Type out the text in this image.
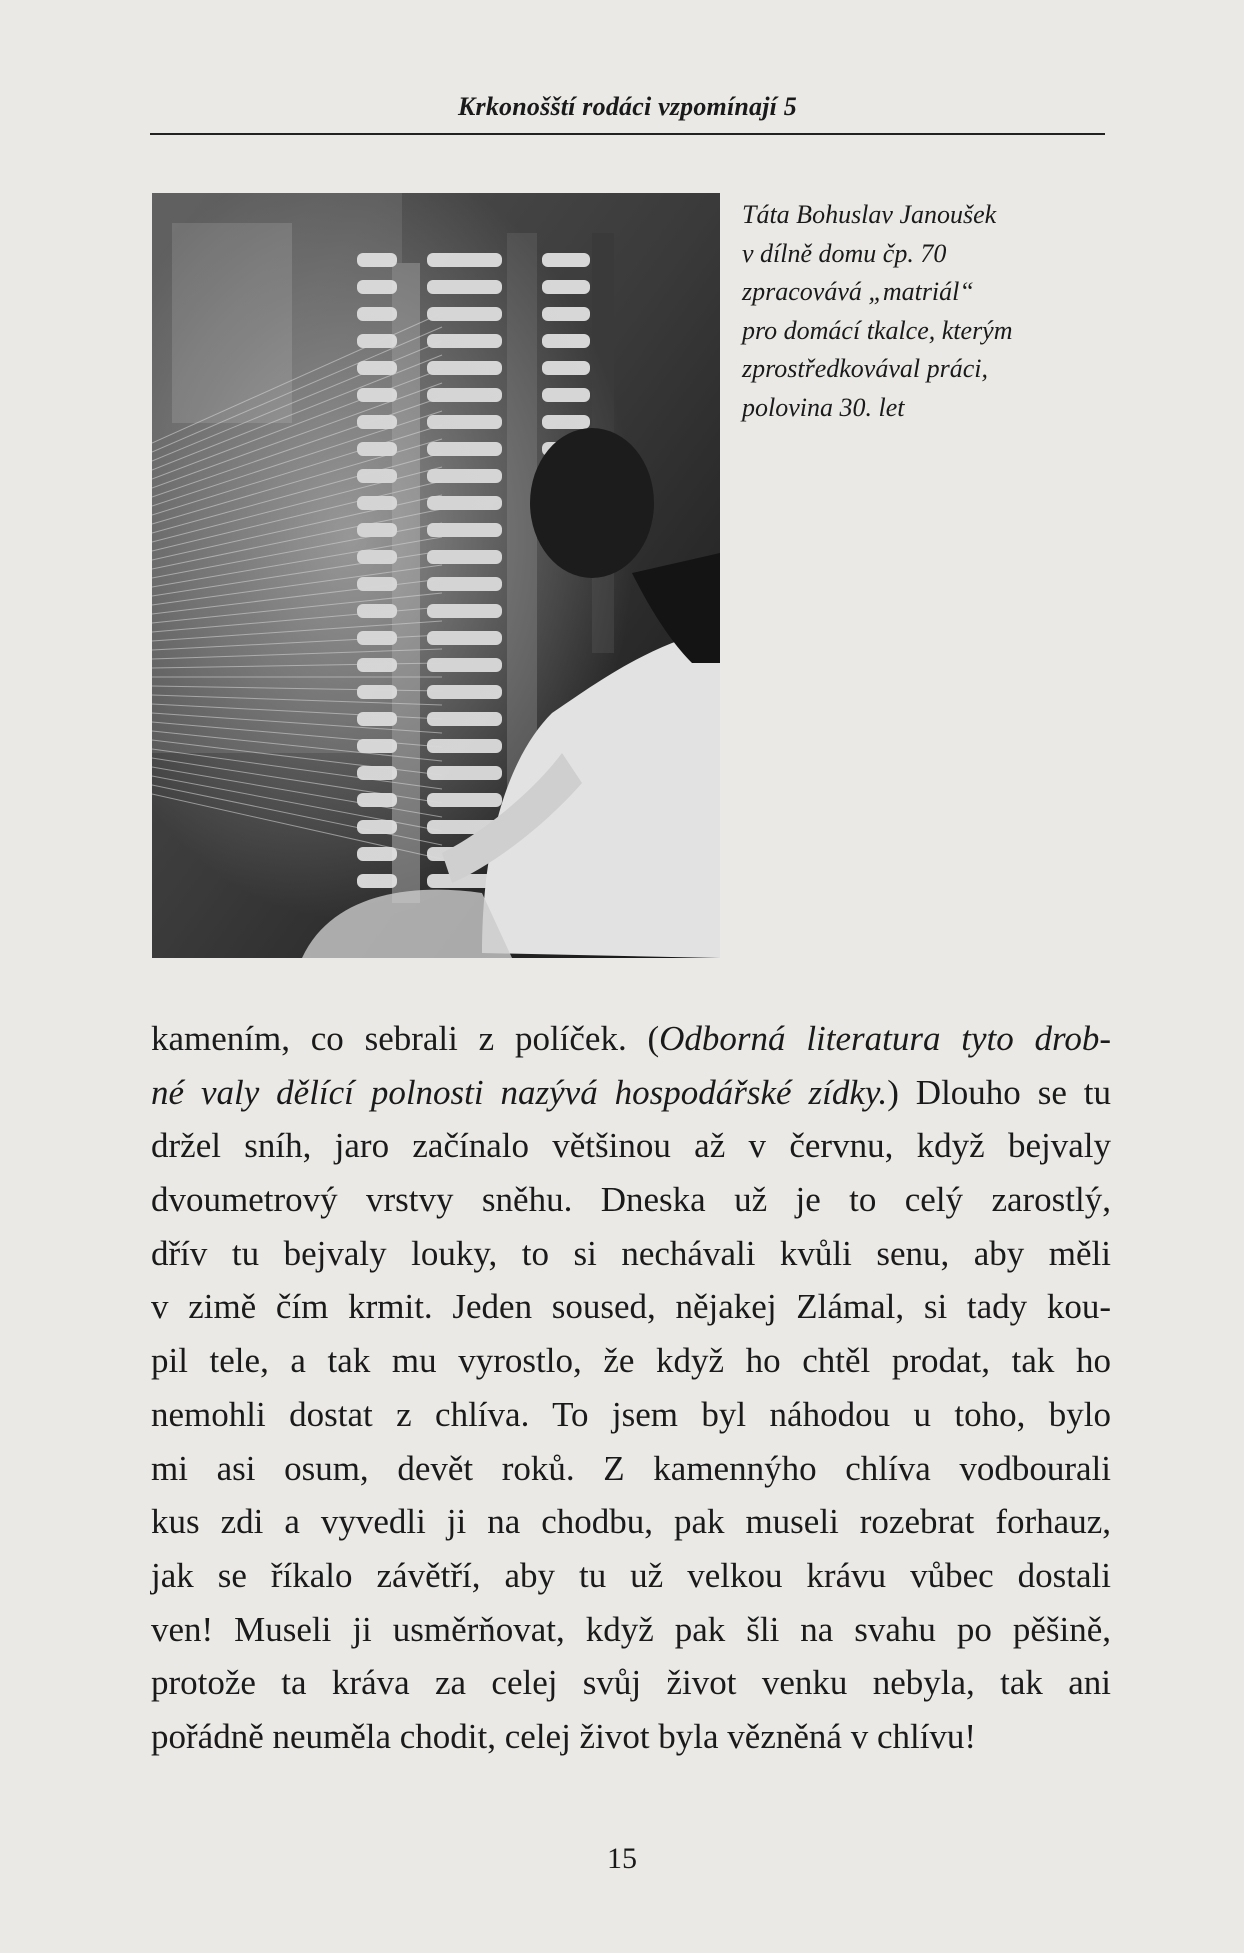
Krkonošští rodáci vzpomínají 5
Táta Bohuslav Janoušek
v dílně domu čp. 70
zpracovává „matriál“
pro domácí tkalce, kterým
zprostředkovával práci,
polovina 30. let
kamením, co sebrali z políček. (Odborná literatura tyto drob-
né valy dělící polnosti nazývá hospodářské zídky.) Dlouho se tu
držel sníh, jaro začínalo většinou až v červnu, když bejvaly
dvoumetrový vrstvy sněhu. Dneska už je to celý zarostlý,
dřív tu bejvaly louky, to si nechávali kvůli senu, aby měli
v zimě čím krmit. Jeden soused, nějakej Zlámal, si tady kou-
pil tele, a tak mu vyrostlo, že když ho chtěl prodat, tak ho
nemohli dostat z chlíva. To jsem byl náhodou u toho, bylo
mi asi osum, devět roků. Z kamennýho chlíva vodbourali
kus zdi a vyvedli ji na chodbu, pak museli rozebrat forhauz,
jak se říkalo závětří, aby tu už velkou krávu vůbec dostali
ven! Museli ji usměrňovat, když pak šli na svahu po pěšině,
protože ta kráva za celej svůj život venku nebyla, tak ani
pořádně neuměla chodit, celej život byla vězněná v chlívu!
15
